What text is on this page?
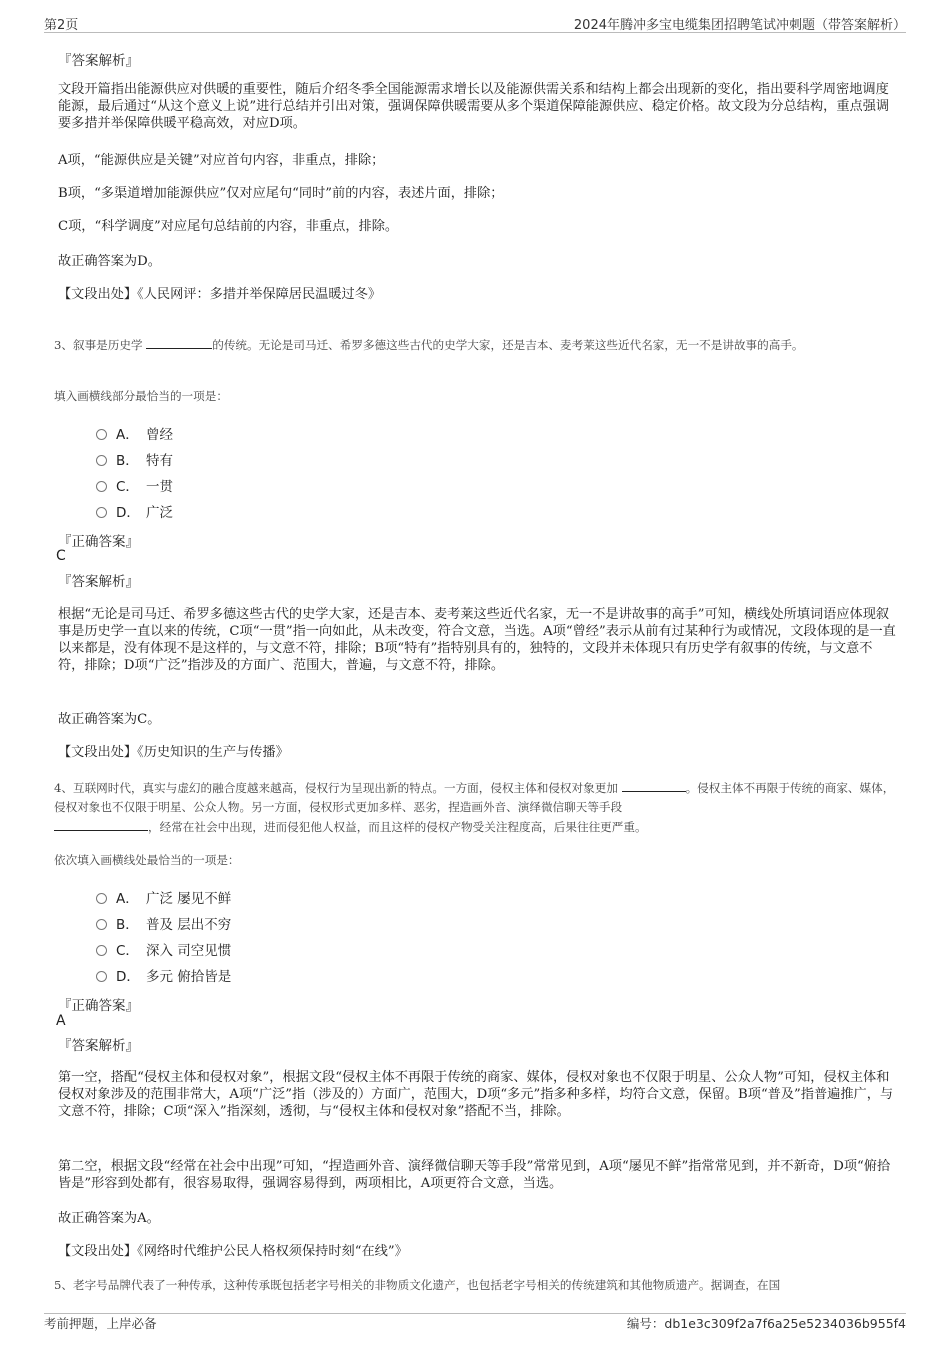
第2页	2024年腾冲多宝电缆集团招聘笔试冲刺题（带答案解析）
『答案解析』
文段开篇指出能源供应对供暖的重要性，随后介绍冬季全国能源需求增长以及能源供需关系和结构上都会出现新的变化，指出要科学周密地调度能源，最后通过“从这个意义上说”进行总结并引出对策，强调保障供暖需要从多个渠道保障能源供应、稳定价格。故文段为分总结构，重点强调要多措并举保障供暖平稳高效，对应D项。
A项，“能源供应是关键”对应首句内容，非重点，排除；
B项，“多渠道增加能源供应”仅对应尾句“同时”前的内容，表述片面，排除；
C项，“科学调度”对应尾句总结前的内容，非重点，排除。
故正确答案为D。
【文段出处】《人民网评：多措并举保障居民温暖过冬》
3、叙事是历史学	的传统。无论是司马迁、希罗多德这些古代的史学大家，还是吉本、麦考莱这些近代名家，无一不是讲故事的高手。
填入画横线部分最恰当的一项是：
A． 曾经
B． 特有
C． 一贯
D． 广泛
『正确答案』
C
『答案解析』
根据“无论是司马迁、希罗多德这些古代的史学大家，还是吉本、麦考莱这些近代名家，无一不是讲故事的高手”可知，横线处所填词语应体现叙事是历史学一直以来的传统，C项“一贯”指一向如此，从未改变，符合文意，当选。A项“曾经”表示从前有过某种行为或情况，文段体现的是一直以来都是，没有体现不是这样的，与文意不符，排除；B项“特有”指特别具有的，独特的，文段并未体现只有历史学有叙事的传统，与文意不符，排除；D项“广泛”指涉及的方面广、范围大，普遍，与文意不符，排除。
故正确答案为C。
【文段出处】《历史知识的生产与传播》
4、互联网时代，真实与虚幻的融合度越来越高，侵权行为呈现出新的特点。一方面，侵权主体和侵权对象更加	。侵权主体不再限于传统的商家、媒体，侵权对象也不仅限于明星、公众人物。另一方面，侵权形式更加多样、恶劣，捏造画外音、演绎微信聊天等手段
，经常在社会中出现，进而侵犯他人权益，而且这样的侵权产物受关注程度高，后果往往更严重。
依次填入画横线处最恰当的一项是：
A． 广泛 屡见不鲜
B． 普及 层出不穷
C． 深入 司空见惯
D． 多元 俯拾皆是
『正确答案』
A
『答案解析』
第一空，搭配“侵权主体和侵权对象”，根据文段“侵权主体不再限于传统的商家、媒体，侵权对象也不仅限于明星、公众人物”可知，侵权主体和侵权对象涉及的范围非常大，A项“广泛”指（涉及的）方面广，范围大，D项“多元”指多种多样，均符合文意，保留。B项“普及”指普遍推广，与文意不符，排除；C项“深入”指深刻，透彻，与“侵权主体和侵权对象”搭配不当，排除。
第二空，根据文段“经常在社会中出现”可知，“捏造画外音、演绎微信聊天等手段”常常见到，A项“屡见不鲜”指常常见到，并不新奇，D项“俯拾皆是”形容到处都有，很容易取得，强调容易得到，两项相比，A项更符合文意，当选。
故正确答案为A。
【文段出处】《网络时代维护公民人格权须保持时刻“在线”》
5、老字号品牌代表了一种传承，这种传承既包括老字号相关的非物质文化遗产，也包括老字号相关的传统建筑和其他物质遗产。据调查，在国
考前押题，上岸必备	编号：db1e3c309f2a7f6a25e5234036b955f4
